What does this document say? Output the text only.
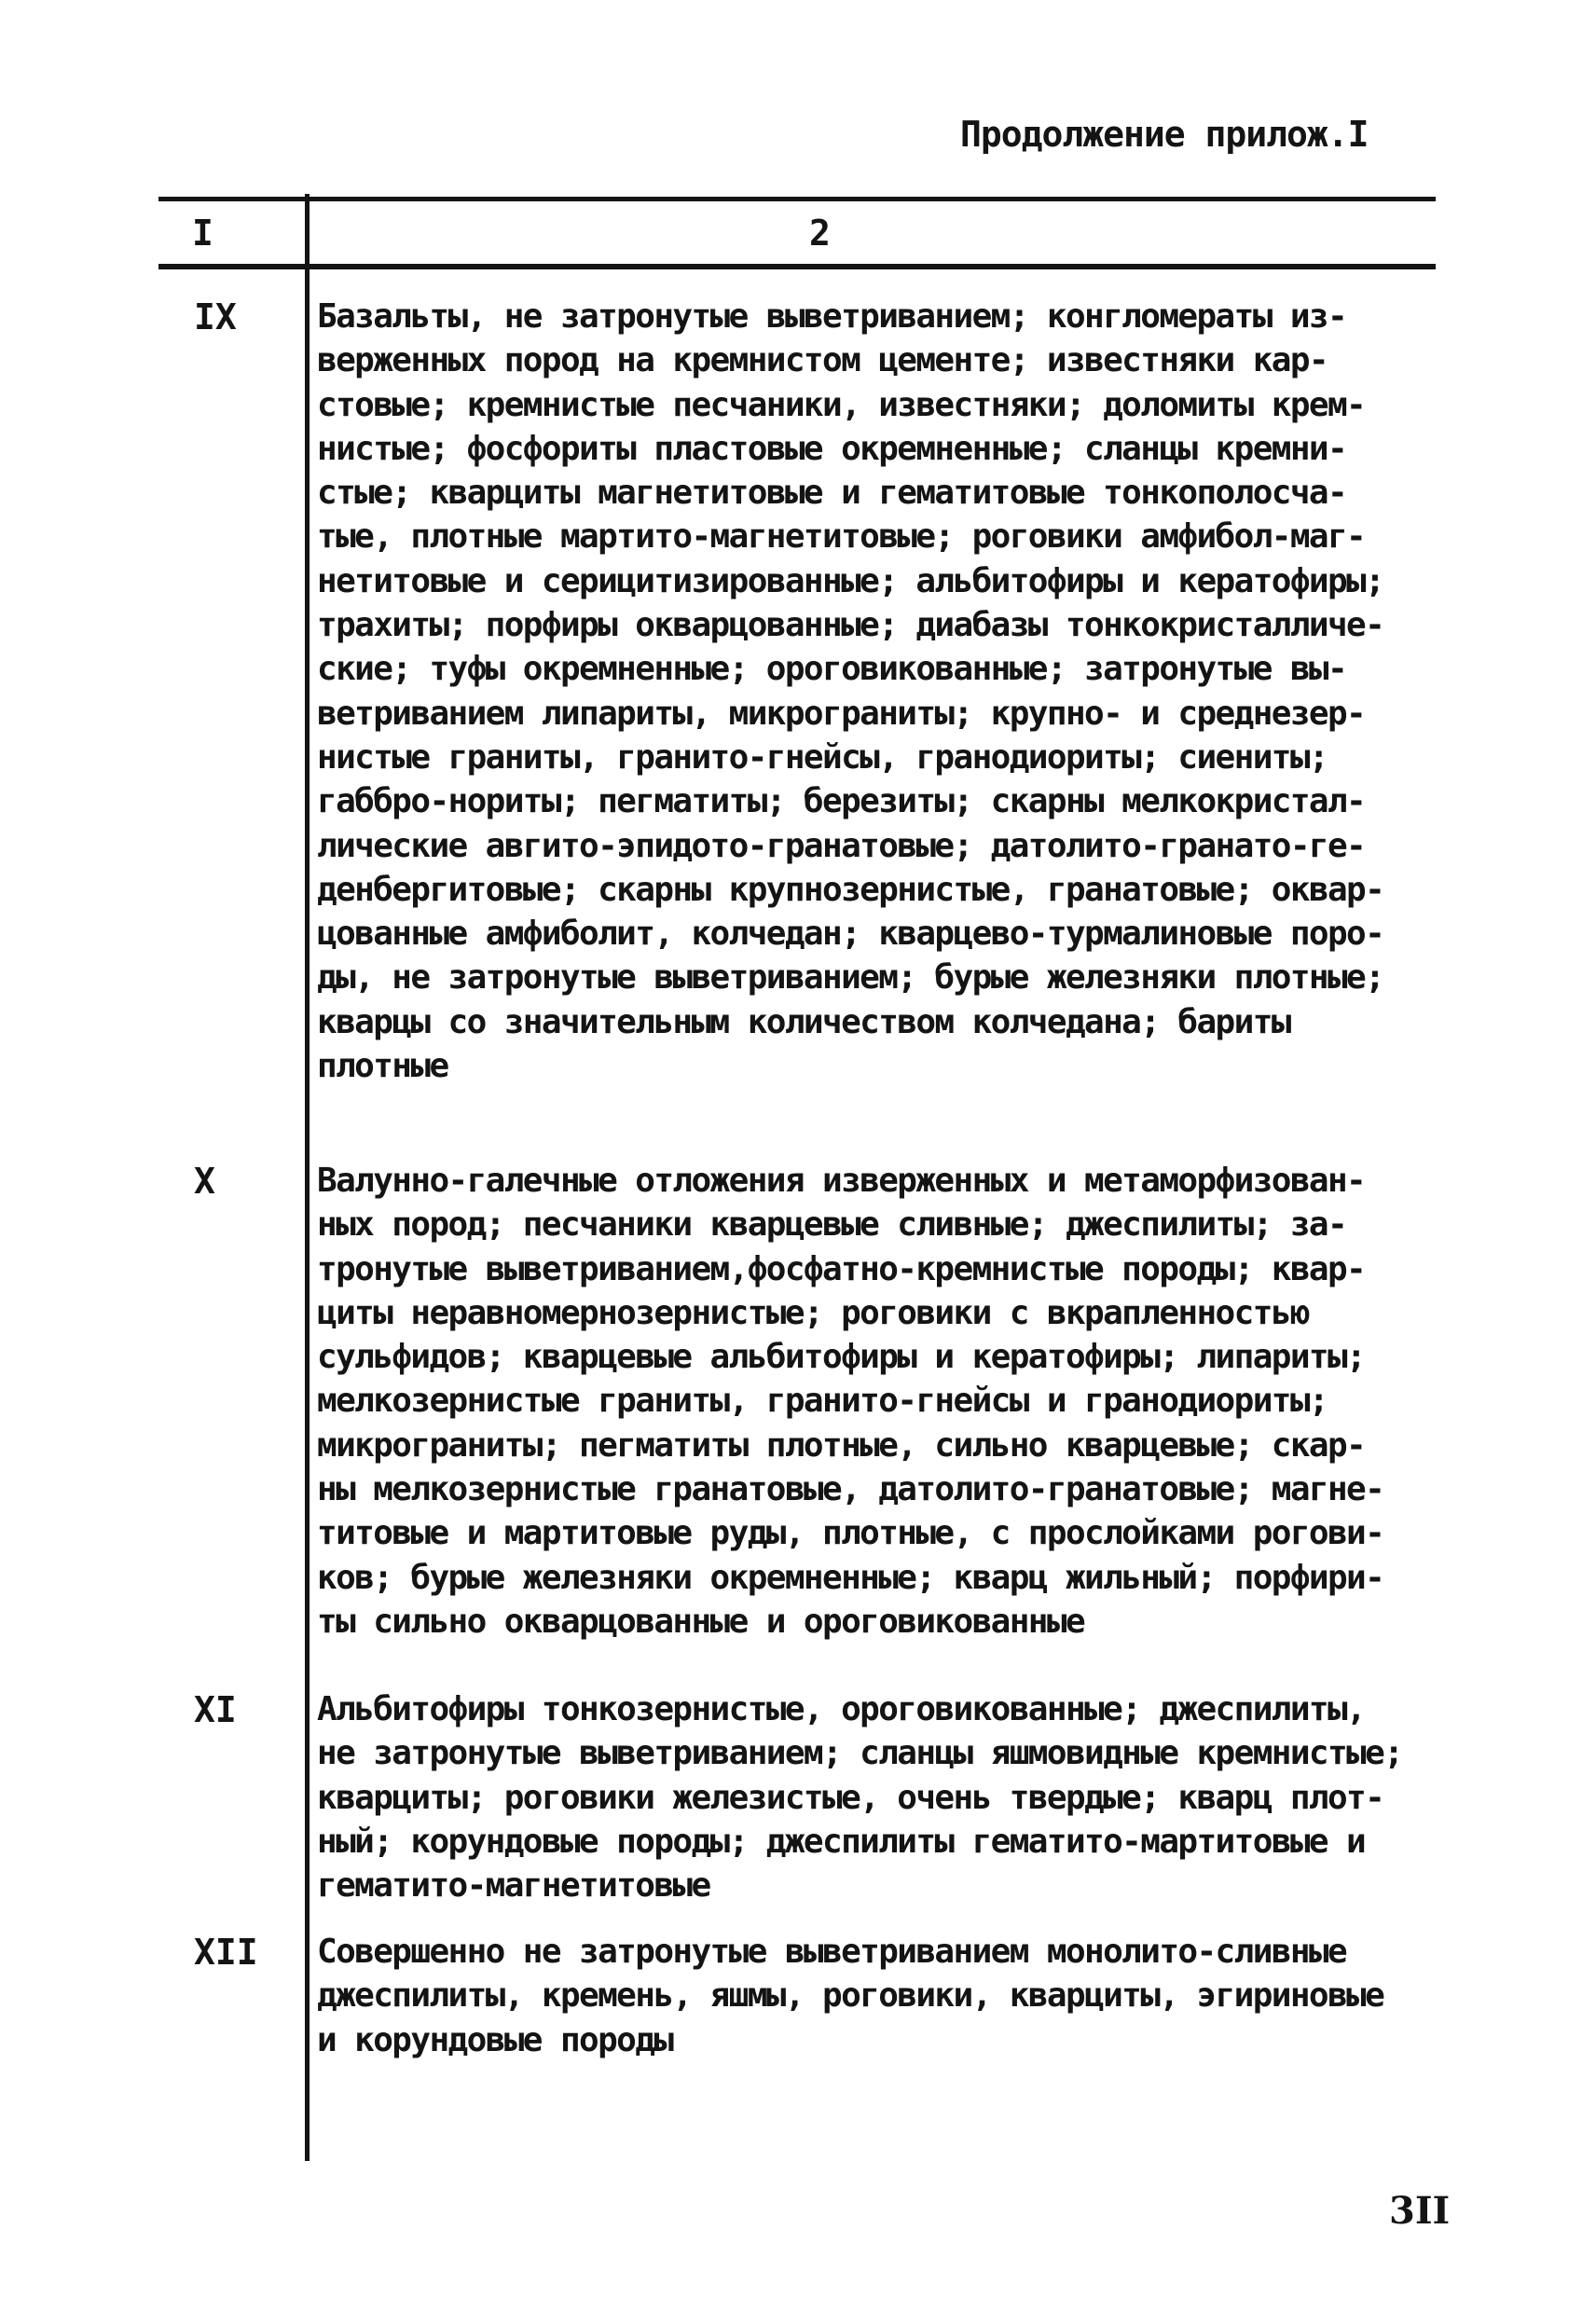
Продолжение прилож.I
I	2
IX Базальты, не затронутые выветриванием; конгломераты из-
верженных пород на кремнистом цементе; известняки кар-
стовые; кремнистые песчаники, известняки; доломиты крем-
нистые; фосфориты пластовые окремненные; сланцы кремни-
стые; кварциты магнетитовые и гематитовые тонкополосча-
тые, плотные мартито-магнетитовые; роговики амфибол-маг-
нетитовые и серицитизированные; альбитофиры и кератофиры;
трахиты; порфиры окварцованные; диабазы тонкокристалличе-
ские; туфы окремненные; ороговикованные; затронутые вы-
ветриванием липариты, микрограниты; крупно- и среднезер-
нистые граниты, гранито-гнейсы, гранодиориты; сиениты;
габбро-нориты; пегматиты; березиты; скарны мелкокристал-
лические авгито-эпидото-гранатовые; датолито-гранато-ге-
денбергитовые; скарны крупнозернистые, гранатовые; оквар-
цованные амфиболит, колчедан; кварцево-турмалиновые поро-
ды, не затронутые выветриванием; бурые железняки плотные;
кварцы со значительным количеством колчедана; бариты
плотные
X	Валунно-галечные отложения изверженных и метаморфизован-
ных пород; песчаники кварцевые сливные; джеспилиты; за-
тронутые выветриванием,фосфатно-кремнистые породы; квар-
циты неравномернозернистые; роговики с вкрапленностью
сульфидов; кварцевые альбитофиры и кератофиры; липариты;
мелкозернистые граниты, гранито-гнейсы и гранодиориты;
микрограниты; пегматиты плотные, сильно кварцевые; скар-
ны мелкозернистые гранатовые, датолито-гранатовые; магне-
титовые и мартитовые руды, плотные, с прослойками рогови-
ков; бурые железняки окремненные; кварц жильный; порфири-
ты сильно окварцованные и ороговикованные
XI Альбитофиры тонкозернистые, ороговикованные; джеспилиты,
не затронутые выветриванием; сланцы яшмовидные кремнистые;
кварциты; роговики железистые, очень твердые; кварц плот-
ный; корундовые породы; джеспилиты гематито-мартитовые и
гематито-магнетитовые
XII Совершенно не затронутые выветриванием монолито-сливные
джеспилиты, кремень, яшмы, роговики, кварциты, эгириновые
и корундовые породы
3II
